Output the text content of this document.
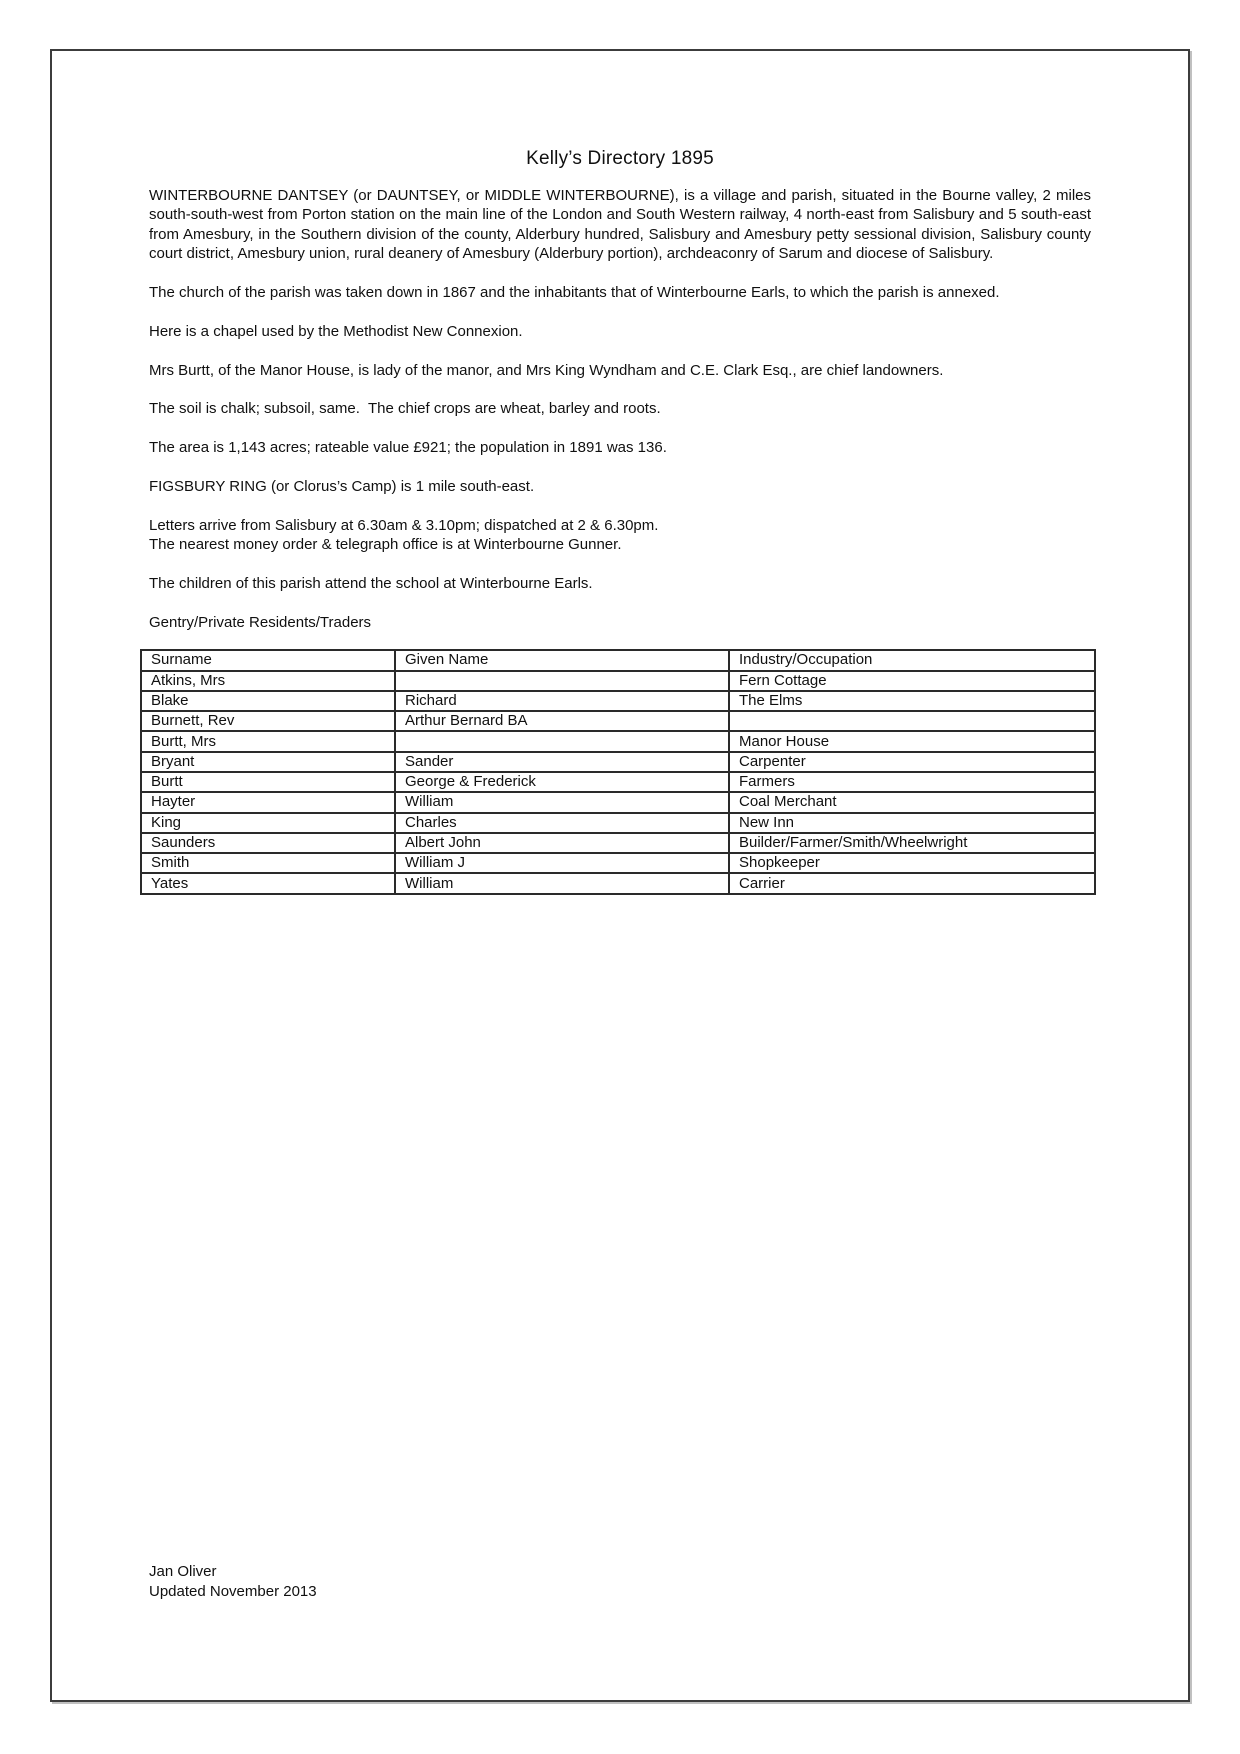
Kelly’s Directory 1895

WINTERBOURNE DANTSEY (or DAUNTSEY, or MIDDLE WINTERBOURNE), is a village and parish, situated in the Bourne valley, 2 miles south-south-west from Porton station on the main line of the London and South Western railway, 4 north-east from Salisbury and 5 south-east from Amesbury, in the Southern division of the county, Alderbury hundred, Salisbury and Amesbury petty sessional division, Salisbury county court district, Amesbury union, rural deanery of Amesbury (Alderbury portion), archdeaconry of Sarum and diocese of Salisbury.

The church of the parish was taken down in 1867 and the inhabitants that of Winterbourne Earls, to which the parish is annexed.

Here is a chapel used by the Methodist New Connexion.

Mrs Burtt, of the Manor House, is lady of the manor, and Mrs King Wyndham and C.E. Clark Esq., are chief landowners.

The soil is chalk; subsoil, same.  The chief crops are wheat, barley and roots.

The area is 1,143 acres; rateable value £921; the population in 1891 was 136.

FIGSBURY RING (or Clorus’s Camp) is 1 mile south-east.

Letters arrive from Salisbury at 6.30am & 3.10pm; dispatched at 2 & 6.30pm.
The nearest money order & telegraph office is at Winterbourne Gunner.

The children of this parish attend the school at Winterbourne Earls.

Gentry/Private Residents/Traders

Surname	Given Name	Industry/Occupation
Atkins, Mrs		Fern Cottage
Blake	Richard	The Elms
Burnett, Rev	Arthur Bernard BA	
Burtt, Mrs		Manor House
Bryant	Sander	Carpenter
Burtt	George & Frederick	Farmers
Hayter	William	Coal Merchant
King	Charles	New Inn
Saunders	Albert John	Builder/Farmer/Smith/Wheelwright
Smith	William J	Shopkeeper
Yates	William	Carrier
Jan Oliver
Updated November 2013
